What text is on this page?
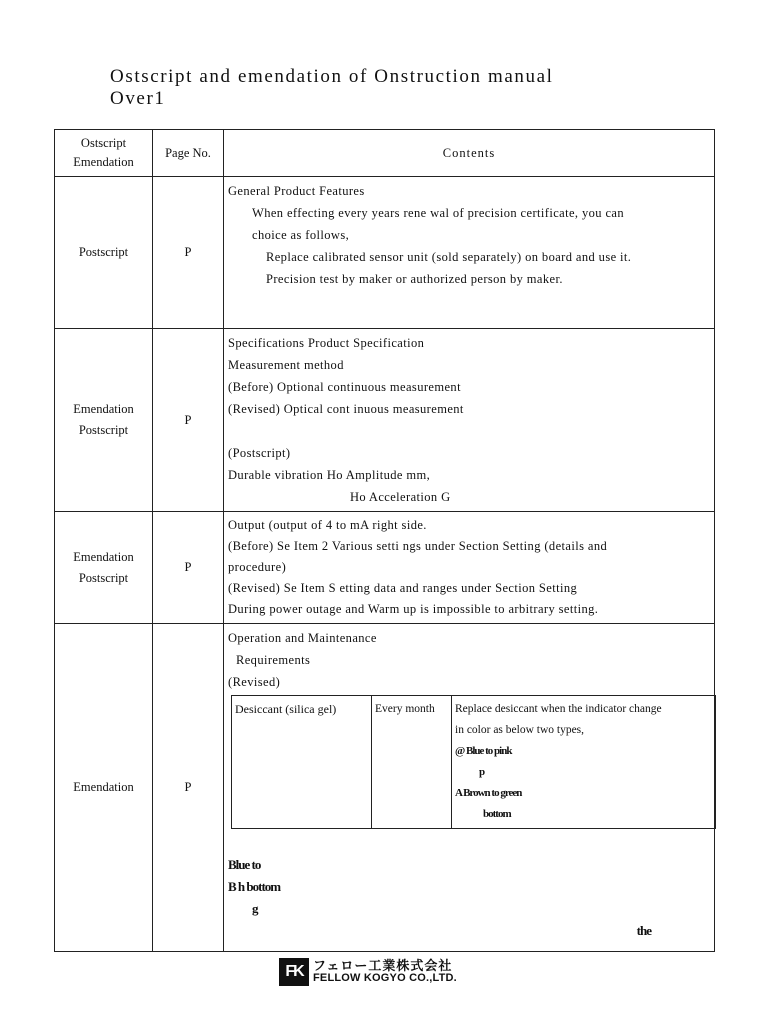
Ostscript and emendation of Onstruction manual
Over1
Ostscript
Emendation
	Page No.	Contents

Postscript	P	
General Product Features
When effecting every years rene wal of precision certificate, you can
choice as follows,
Replace calibrated sensor unit (sold separately) on board and use it.
Precision test by maker or authorized person by maker.

Emendation
Postscript
	P	
Specifications Product Specification
Measurement method
(Before) Optional continuous measurement
(Revised) Optical cont inuous measurement
(Postscript)
Durable vibration Ho Amplitude mm,
Ho Acceleration G

Emendation
Postscript
	P	
Output (output of 4 to mA right side.
(Before) Se Item 2 Various setti ngs under Section Setting (details and
procedure)
(Revised) Se Item S etting data and ranges under Section Setting
During power outage and Warm up is impossible to arbitrary setting.

Emendation	P	
Operation and Maintenance
Requirements
(Revised)
Desiccant (silica gel)	Every month	Replace desiccant when the indicator change
in color as below two types,
@ Blue to pink
p
A Brown to green
bottom
Blue to
B h bottom
g
the
FK フェロー工業株式会社
FELLOW KOGYO CO.,LTD.
